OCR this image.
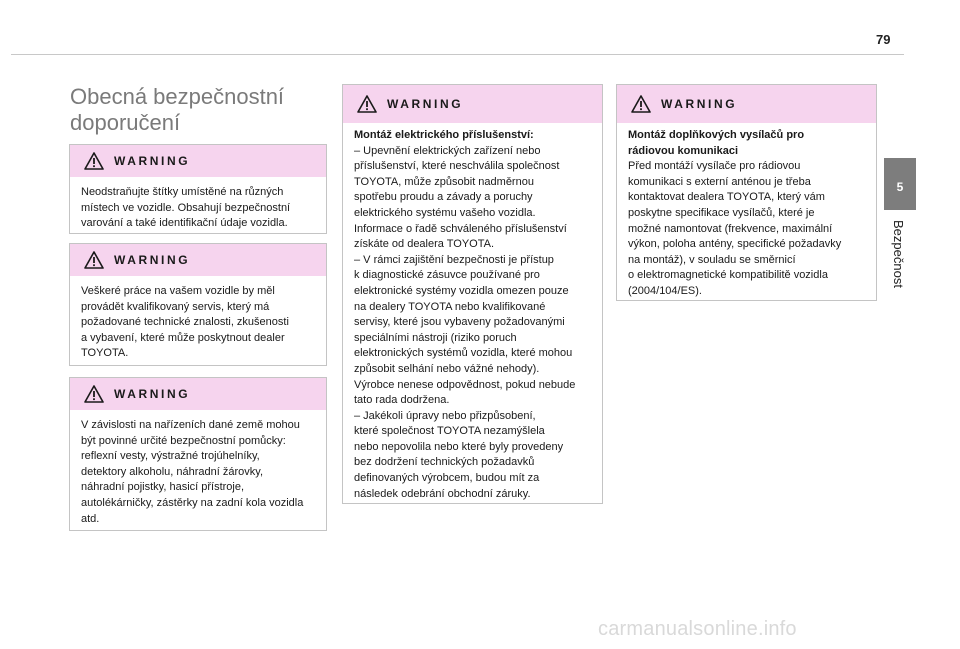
79
5
Bezpečnost
Obecná bezpečnostní
doporučení
WARNING
Neodstraňujte štítky umístěné na různých
místech ve vozidle. Obsahují bezpečnostní
varování a také identifikační údaje vozidla.
WARNING
Veškeré práce na vašem vozidle by měl
provádět kvalifikovaný servis, který má
požadované technické znalosti, zkušenosti
a vybavení, které může poskytnout dealer
TOYOTA.
WARNING
V závislosti na nařízeních dané země mohou
být povinné určité bezpečnostní pomůcky:
reflexní vesty, výstražné trojúhelníky,
detektory alkoholu, náhradní žárovky,
náhradní pojistky, hasicí přístroje,
autolékárničky, zástěrky na zadní kola vozidla
atd.
WARNING
Montáž elektrického příslušenství:
– Upevnění elektrických zařízení nebo
příslušenství, které neschválila společnost
TOYOTA, může způsobit nadměrnou
spotřebu proudu a závady a poruchy
elektrického systému vašeho vozidla.
Informace o řadě schváleného příslušenství
získáte od dealera TOYOTA.
– V rámci zajištění bezpečnosti je přístup
k diagnostické zásuvce používané pro
elektronické systémy vozidla omezen pouze
na dealery TOYOTA nebo kvalifikované
servisy, které jsou vybaveny požadovanými
speciálními nástroji (riziko poruch
elektronických systémů vozidla, které mohou
způsobit selhání nebo vážné nehody).
Výrobce nenese odpovědnost, pokud nebude
tato rada dodržena.
– Jakékoli úpravy nebo přizpůsobení,
které společnost TOYOTA nezamýšlela
nebo nepovolila nebo které byly provedeny
bez dodržení technických požadavků
definovaných výrobcem, budou mít za
následek odebrání obchodní záruky.
WARNING
Montáž doplňkových vysílačů pro
rádiovou komunikaci
Před montáží vysílače pro rádiovou
komunikaci s externí anténou je třeba
kontaktovat dealera TOYOTA, který vám
poskytne specifikace vysílačů, které je
možné namontovat (frekvence, maximální
výkon, poloha antény, specifické požadavky
na montáž), v souladu se směrnicí
o elektromagnetické kompatibilitě vozidla
(2004/104/ES).
carmanualsonline.info
